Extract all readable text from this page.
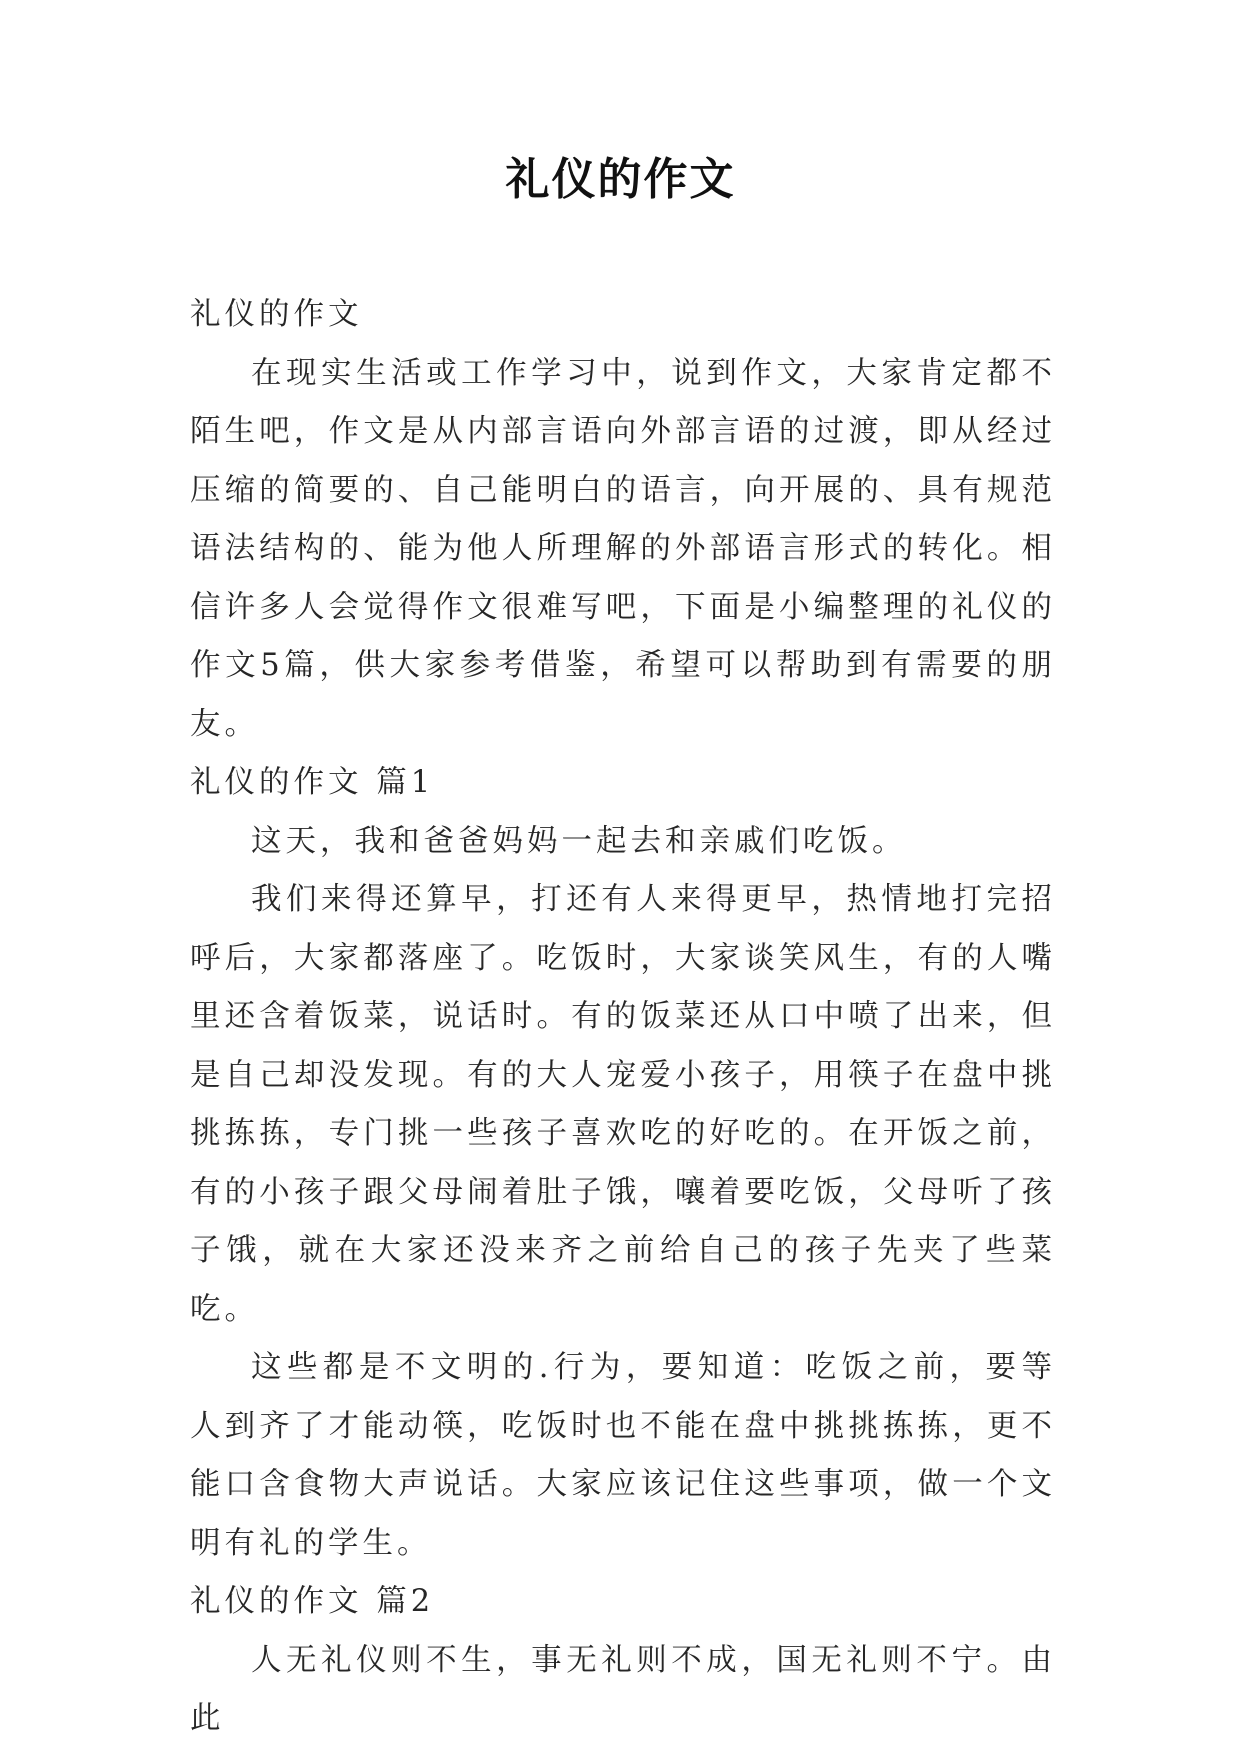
礼仪的作文

礼仪的作文

在现实生活或工作学习中，说到作文，大家肯定都不陌生吧，作文是从内部言语向外部言语的过渡，即从经过压缩的简要的、自己能明白的语言，向开展的、具有规范语法结构的、能为他人所理解的外部语言形式的转化。相信许多人会觉得作文很难写吧，下面是小编整理的礼仪的作文5篇，供大家参考借鉴，希望可以帮助到有需要的朋友。

礼仪的作文 篇1

这天，我和爸爸妈妈一起去和亲戚们吃饭。

我们来得还算早，打还有人来得更早，热情地打完招呼后，大家都落座了。吃饭时，大家谈笑风生，有的人嘴里还含着饭菜，说话时。有的饭菜还从口中喷了出来，但是自己却没发现。有的大人宠爱小孩子，用筷子在盘中挑挑拣拣，专门挑一些孩子喜欢吃的好吃的。在开饭之前，有的小孩子跟父母闹着肚子饿，嚷着要吃饭，父母听了孩子饿，就在大家还没来齐之前给自己的孩子先夹了些菜吃。

这些都是不文明的.行为，要知道：吃饭之前，要等人到齐了才能动筷，吃饭时也不能在盘中挑挑拣拣，更不能口含食物大声说话。大家应该记住这些事项，做一个文明有礼的学生。

礼仪的作文 篇2

人无礼仪则不生，事无礼则不成，国无礼则不宁。由此
